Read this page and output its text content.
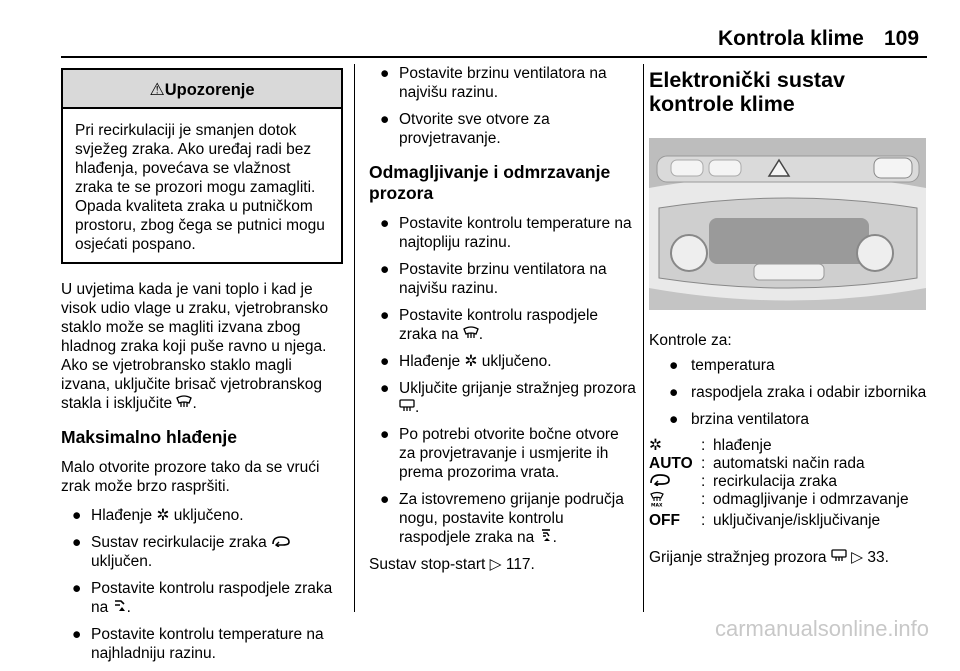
Kontrola klime 109
⚠Upozorenje
Pri recirkulaciji je smanjen dotok svježeg zraka. Ako uređaj radi bez hlađenja, povećava se vlažnost zraka te se prozori mogu zamagliti. Opada kvaliteta zraka u putničkom prostoru, zbog čega se putnici mogu osjećati pospano.

U uvjetima kada je vani toplo i kad je visok udio vlage u zraku, vjetrobransko staklo može se magliti izvana zbog hladnog zraka koji puše ravno u njega. Ako se vjetrobransko staklo magli izvana, uključite brisač vjetrobranskog stakla i isključite .

Maksimalno hlađenje

Malo otvorite prozore tako da se vrući zrak može brzo raspršiti.

● Hlađenje ✲ uključeno.
● Sustav recirkulacije zraka  uključen.
● Postavite kontrolu raspodjele zraka na .
● Postavite kontrolu temperature na najhladniju razinu.
● Postavite brzinu ventilatora na najvišu razinu.
● Otvorite sve otvore za provjetravanje.
Odmagljivanje i odmrzavanje prozora
● Postavite kontrolu temperature na najtopliju razinu.
● Postavite brzinu ventilatora na najvišu razinu.
● Postavite kontrolu raspodjele zraka na .
● Hlađenje ✲ uključeno.
● Uključite grijanje stražnjeg prozora .
● Po potrebi otvorite bočne otvore za provjetravanje i usmjerite ih prema prozorima vrata.
● Za istovremeno grijanje područja nogu, postavite kontrolu raspodjele zraka na .

Sustav stop-start ▷ 117.

Elektronički sustav kontrole klime

Kontrole za:

● temperatura
● raspodjela zraka i odabir izbornika
● brzina ventilatora
✲	: hlađenje
AUTO : automatski način rada
: recirkulacija zraka
MAX : odmagljivanje i odmrzavanje
OFF	: uključivanje/isključivanje

Grijanje stražnjeg prozora  ▷ 33.

carmanualsonline.info
